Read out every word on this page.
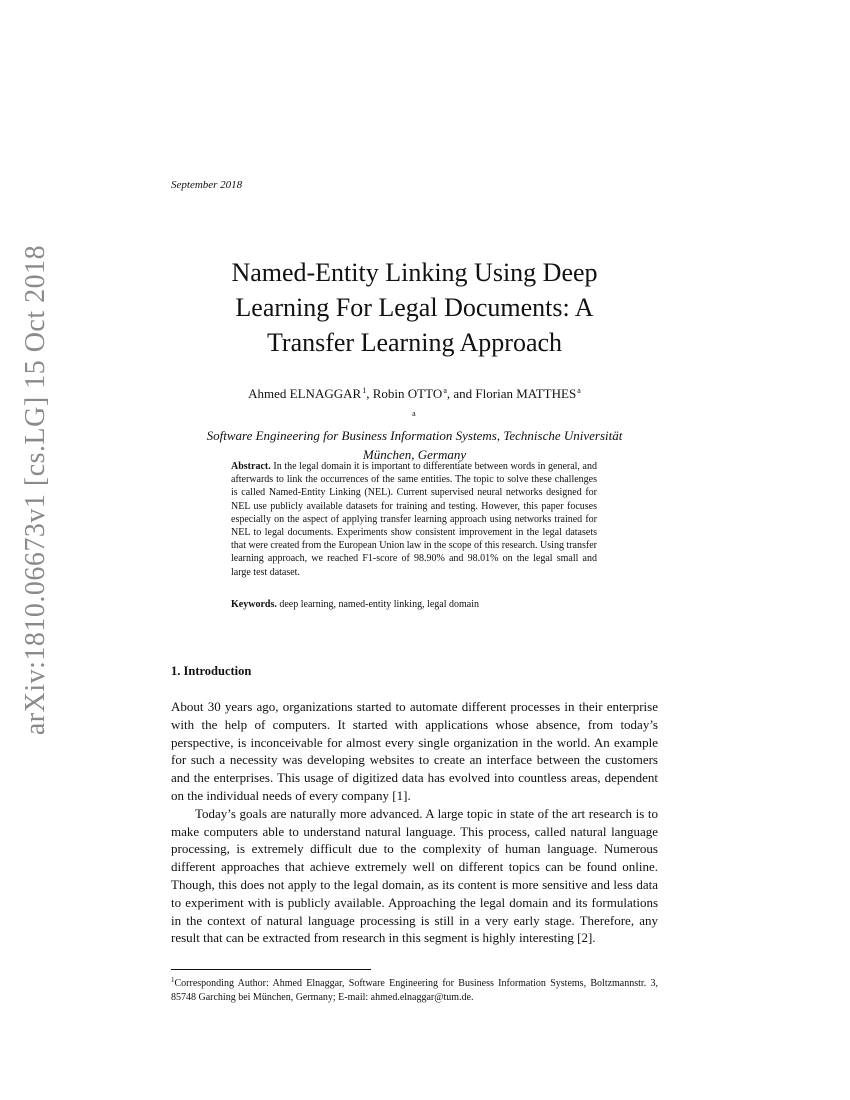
arXiv:1810.06673v1 [cs.LG] 15 Oct 2018
September 2018
Named-Entity Linking Using Deep
Learning For Legal Documents: A
Transfer Learning Approach
Ahmed ELNAGGAR $^1$, Robin OTTO $^a$, and Florian MATTHES $^a$
$^a$ 
Software Engineering for Business Information Systems, Technische Universität
München, Germany
Abstract. In the legal domain it is important to differentiate between words in general, and afterwards to link the occurrences of the same entities. The topic to solve these challenges is called Named-Entity Linking (NEL). Current supervised neural networks designed for NEL use publicly available datasets for training and testing. However, this paper focuses especially on the aspect of applying transfer learning approach using networks trained for NEL to legal documents. Experiments show consistent improvement in the legal datasets that were created from the European Union law in the scope of this research. Using transfer learning approach, we reached F1-score of 98.90% and 98.01% on the legal small and large test dataset.
Keywords. deep learning, named-entity linking, legal domain
1. Introduction

About 30 years ago, organizations started to automate different processes in their enterprise with the help of computers. It started with applications whose absence, from today’s perspective, is inconceivable for almost every single organization in the world. An example for such a necessity was developing websites to create an interface between the customers and the enterprises. This usage of digitized data has evolved into countless areas, dependent on the individual needs of every company [1].

Today’s goals are naturally more advanced. A large topic in state of the art research is to make computers able to understand natural language. This process, called natural language processing, is extremely difficult due to the complexity of human language. Numerous different approaches that achieve extremely well on different topics can be found online. Though, this does not apply to the legal domain, as its content is more sensitive and less data to experiment with is publicly available. Approaching the legal domain and its formulations in the context of natural language processing is still in a very early stage. Therefore, any result that can be extracted from research in this segment is highly interesting [2].

$^1$Corresponding Author: Ahmed Elnaggar, Software Engineering for Business Information Systems, Boltzmannstr. 3, 85748 Garching bei München, Germany; E-mail: ahmed.elnaggar@tum.de.
